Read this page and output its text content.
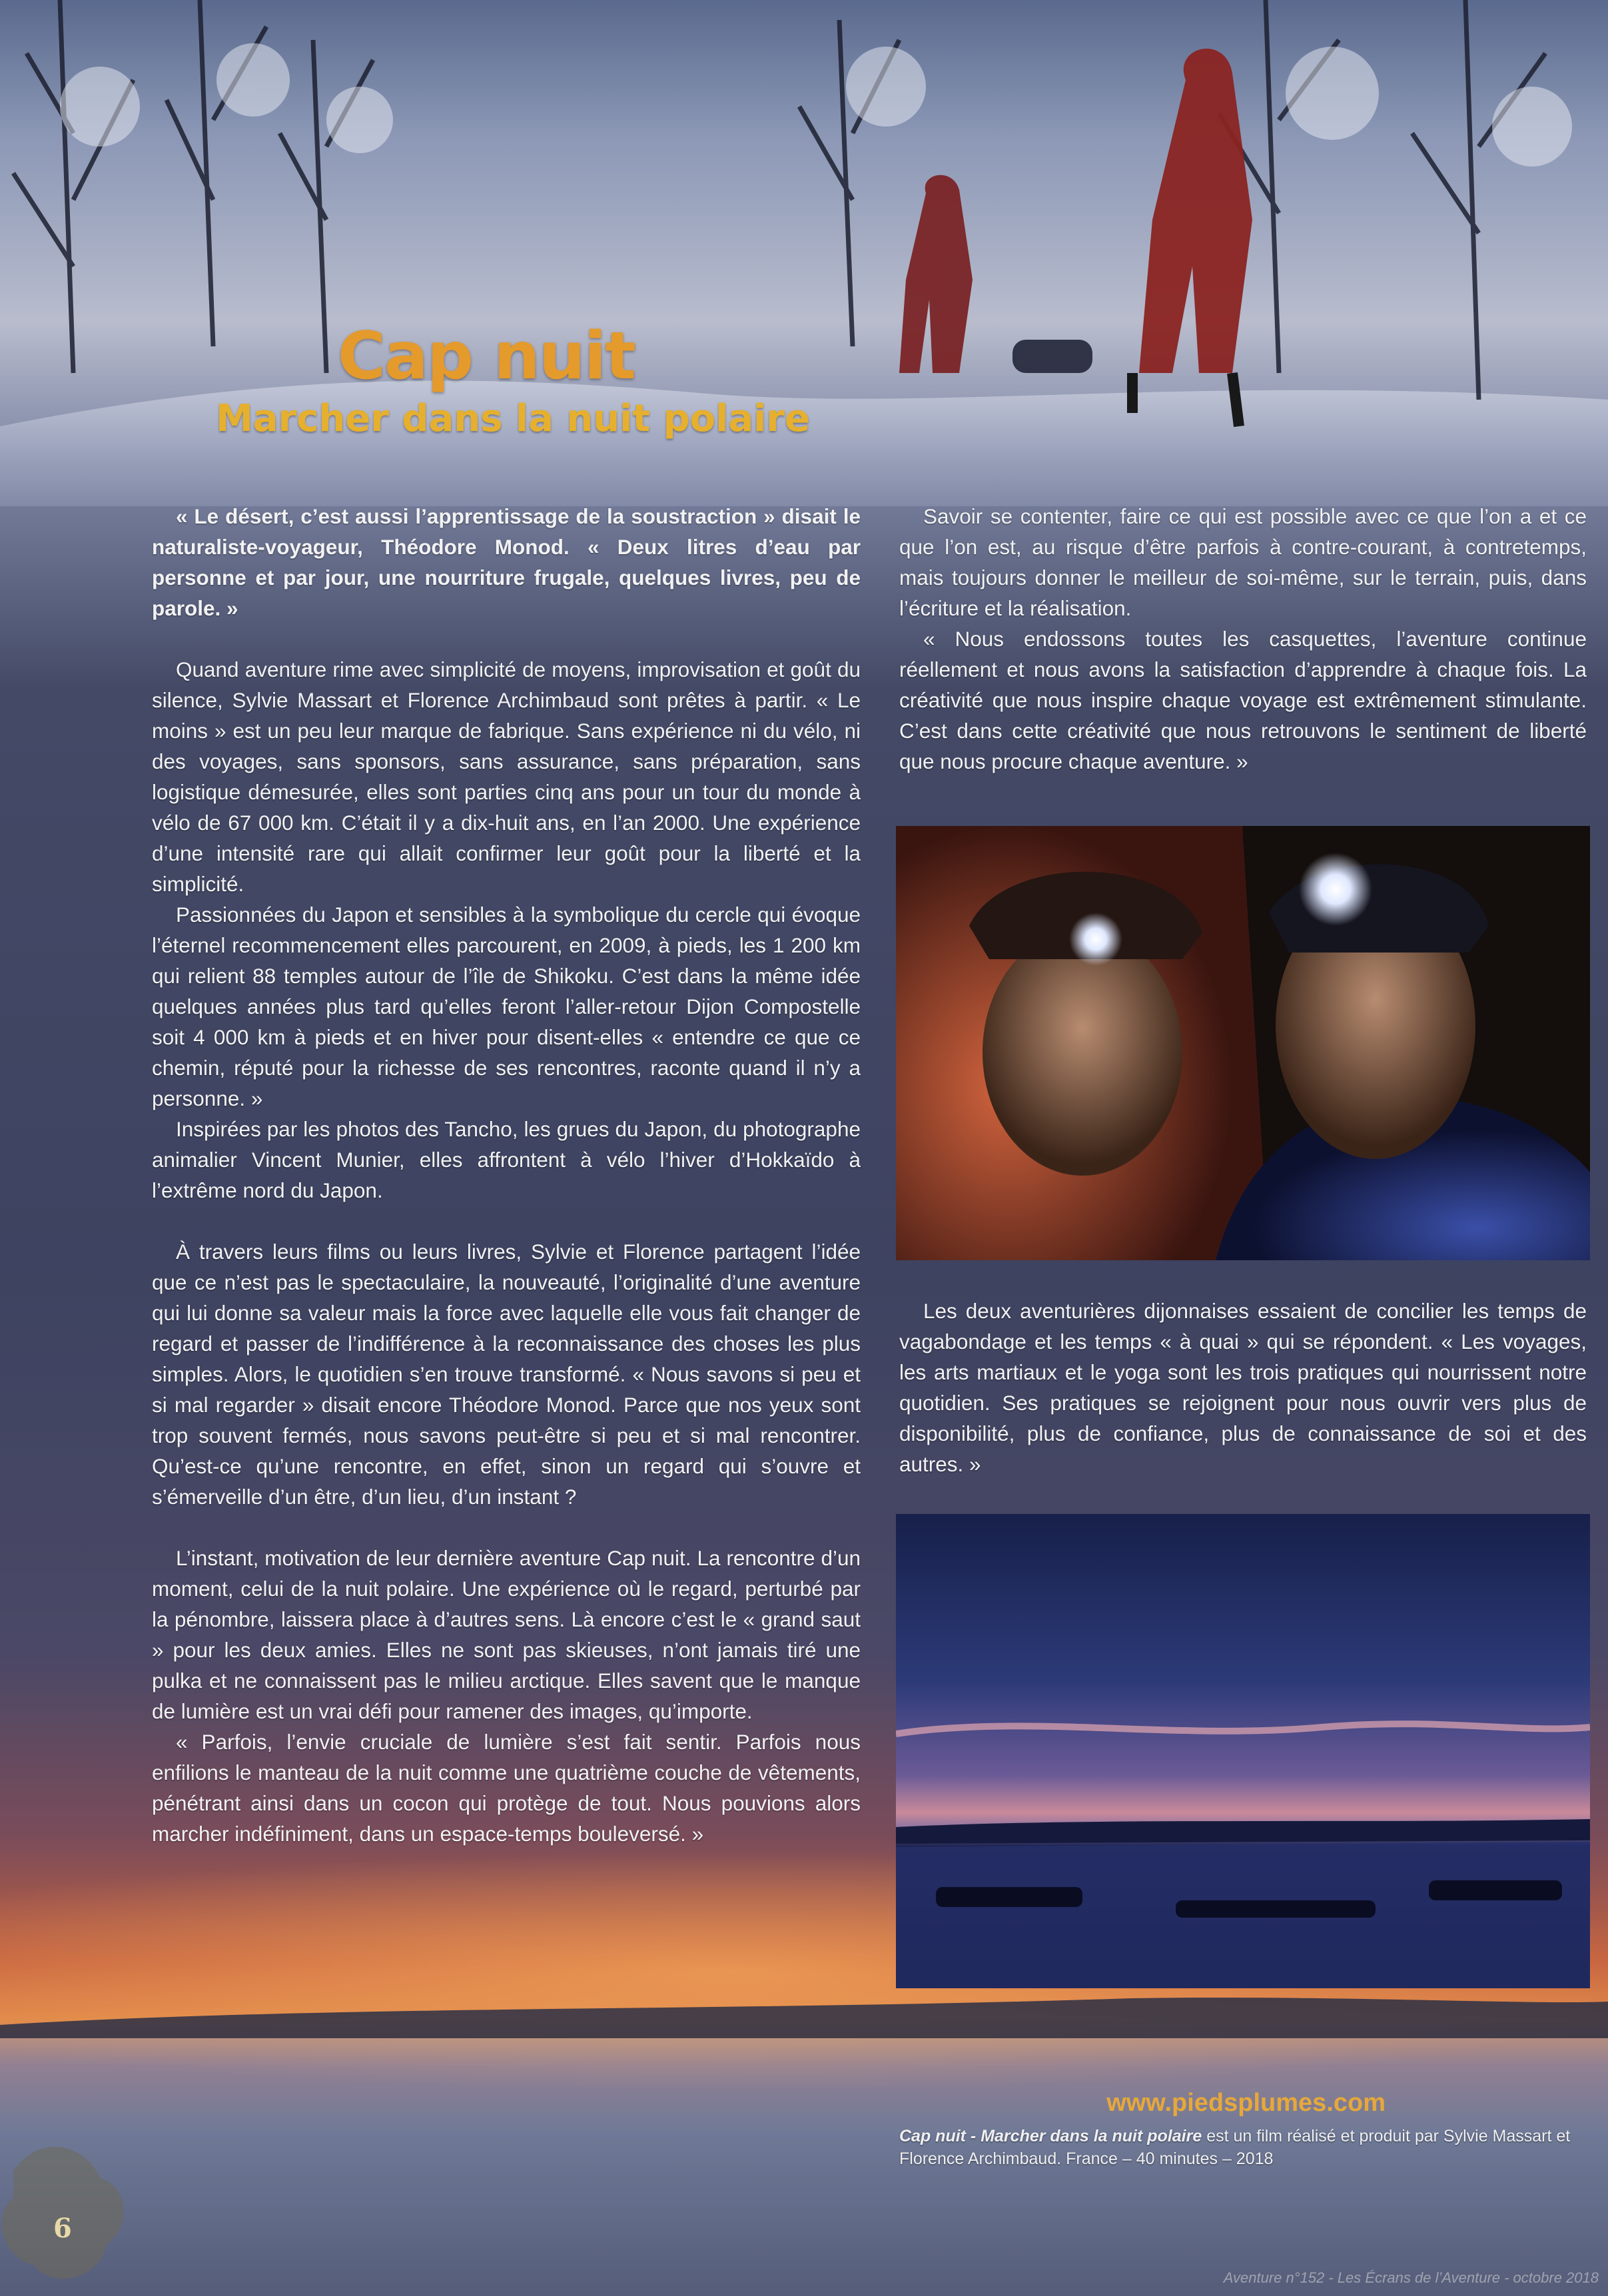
Cap nuit
Marcher dans la nuit polaire

« Le désert, c’est aussi l’apprentissage de la soustraction » disait le naturaliste-voyageur, Théodore Monod. « Deux litres d’eau par personne et par jour, une nourriture frugale, quelques livres, peu de parole. »

Quand aventure rime avec simplicité de moyens, improvisation et goût du silence, Sylvie Massart et Florence Archimbaud sont prêtes à partir. « Le moins » est un peu leur marque de fabrique. Sans expérience ni du vélo, ni des voyages, sans sponsors, sans assurance, sans préparation, sans logistique démesurée, elles sont parties cinq ans pour un tour du monde à vélo de 67 000 km. C’était il y a dix-huit ans, en l’an 2000. Une expérience d’une intensité rare qui allait confirmer leur goût pour la liberté et la simplicité.

Passionnées du Japon et sensibles à la symbolique du cercle qui évoque l’éternel recommencement elles parcourent, en 2009, à pieds, les 1 200 km qui relient 88 temples autour de l’île de Shikoku. C’est dans la même idée quelques années plus tard qu’elles feront l’aller-retour Dijon Compostelle soit 4 000 km à pieds et en hiver pour disent-elles « entendre ce que ce chemin, réputé pour la richesse de ses rencontres, raconte quand il n’y a personne. »

Inspirées par les photos des Tancho, les grues du Japon, du photographe animalier Vincent Munier, elles affrontent à vélo l’hiver d’Hokkaïdo à l’extrême nord du Japon.

À travers leurs films ou leurs livres, Sylvie et Florence partagent l’idée que ce n’est pas le spectaculaire, la nouveauté, l’originalité d’une aventure qui lui donne sa valeur mais la force avec laquelle elle vous fait changer de regard et passer de l’indifférence à la reconnaissance des choses les plus simples. Alors, le quotidien s’en trouve transformé. « Nous savons si peu et si mal regarder » disait encore Théodore Monod. Parce que nos yeux sont trop souvent fermés, nous savons peut-être si peu et si mal rencontrer. Qu’est-ce qu’une rencontre, en effet, sinon un regard qui s’ouvre et s’émerveille d’un être, d’un lieu, d’un instant ?

L’instant, motivation de leur dernière aventure Cap nuit. La rencontre d’un moment, celui de la nuit polaire. Une expérience où le regard, perturbé par la pénombre, laissera place à d’autres sens. Là encore c’est le « grand saut » pour les deux amies. Elles ne sont pas skieuses, n’ont jamais tiré une pulka et ne connaissent pas le milieu arctique. Elles savent que le manque de lumière est un vrai défi pour ramener des images, qu’importe.

« Parfois, l’envie cruciale de lumière s’est fait sentir. Parfois nous enfilions le manteau de la nuit comme une quatrième couche de vêtements, pénétrant ainsi dans un cocon qui protège de tout. Nous pouvions alors marcher indéfiniment, dans un espace-temps bouleversé. »

Savoir se contenter, faire ce qui est possible avec ce que l’on a et ce que l’on est, au risque d’être parfois à contre-courant, à contretemps, mais toujours donner le meilleur de soi-même, sur le terrain, puis, dans l’écriture et la réalisation.

« Nous endossons toutes les casquettes, l’aventure continue réellement et nous avons la satisfaction d’apprendre à chaque fois. La créativité que nous inspire chaque voyage est extrêmement stimulante. C’est dans cette créativité que nous retrouvons le sentiment de liberté que nous procure chaque aventure. »

Les deux aventurières dijonnaises essaient de concilier les temps de vagabondage et les temps « à quai » qui se répondent. « Les voyages, les arts martiaux et le yoga sont les trois pratiques qui nourrissent notre quotidien. Ses pratiques se rejoignent pour nous ouvrir vers plus de disponibilité, plus de confiance, plus de connaissance de soi et des autres. »

www.piedsplumes.com

Cap nuit - Marcher dans la nuit polaire est un film réalisé et produit par Sylvie Massart et Florence Archimbaud. France – 40 minutes – 2018

6

Aventure n°152 - Les Écrans de l’Aventure - octobre 2018
